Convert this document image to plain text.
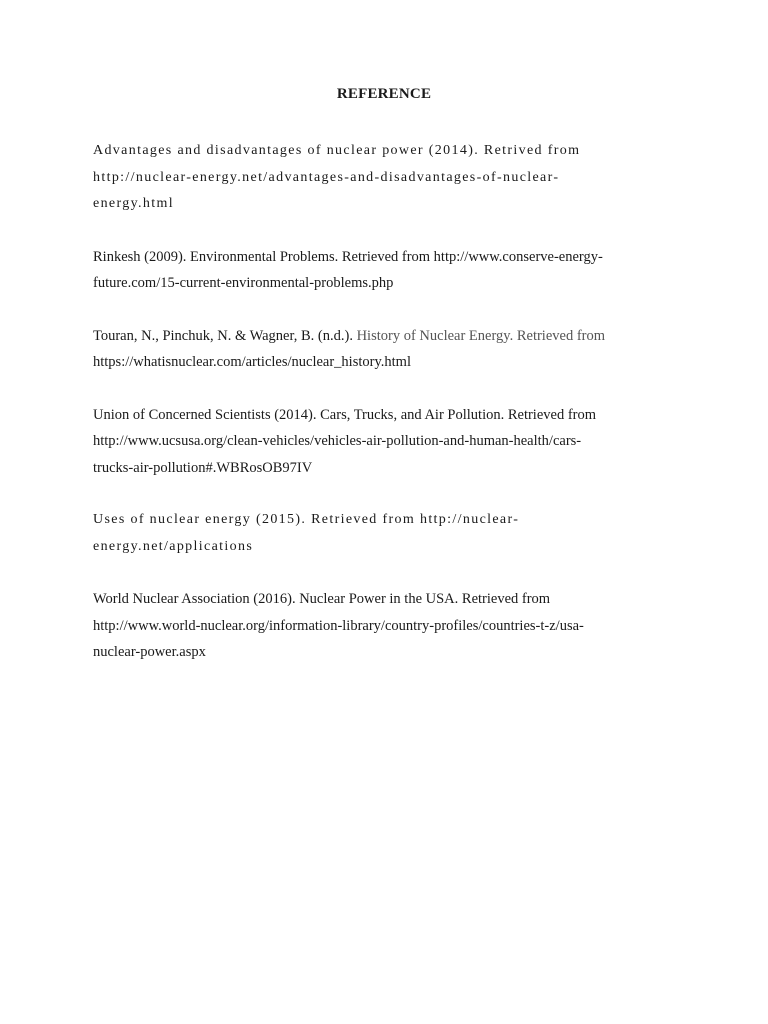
REFERENCE
Advantages and disadvantages of nuclear power (2014). Retrived from
http://nuclear-energy.net/advantages-and-disadvantages-of-nuclear-
energy.html
Rinkesh (2009). Environmental Problems. Retrieved from http://www.conserve-energy-
future.com/15-current-environmental-problems.php
Touran, N., Pinchuk, N. & Wagner, B. (n.d.). History of Nuclear Energy. Retrieved from
https://whatisnuclear.com/articles/nuclear_history.html
Union of Concerned Scientists (2014). Cars, Trucks, and Air Pollution. Retrieved from
http://www.ucsusa.org/clean-vehicles/vehicles-air-pollution-and-human-health/cars-
trucks-air-pollution#.WBRosOB97IV
Uses of nuclear energy (2015). Retrieved from http://nuclear-
energy.net/applications
World Nuclear Association (2016). Nuclear Power in the USA. Retrieved from
http://www.world-nuclear.org/information-library/country-profiles/countries-t-z/usa-
nuclear-power.aspx
